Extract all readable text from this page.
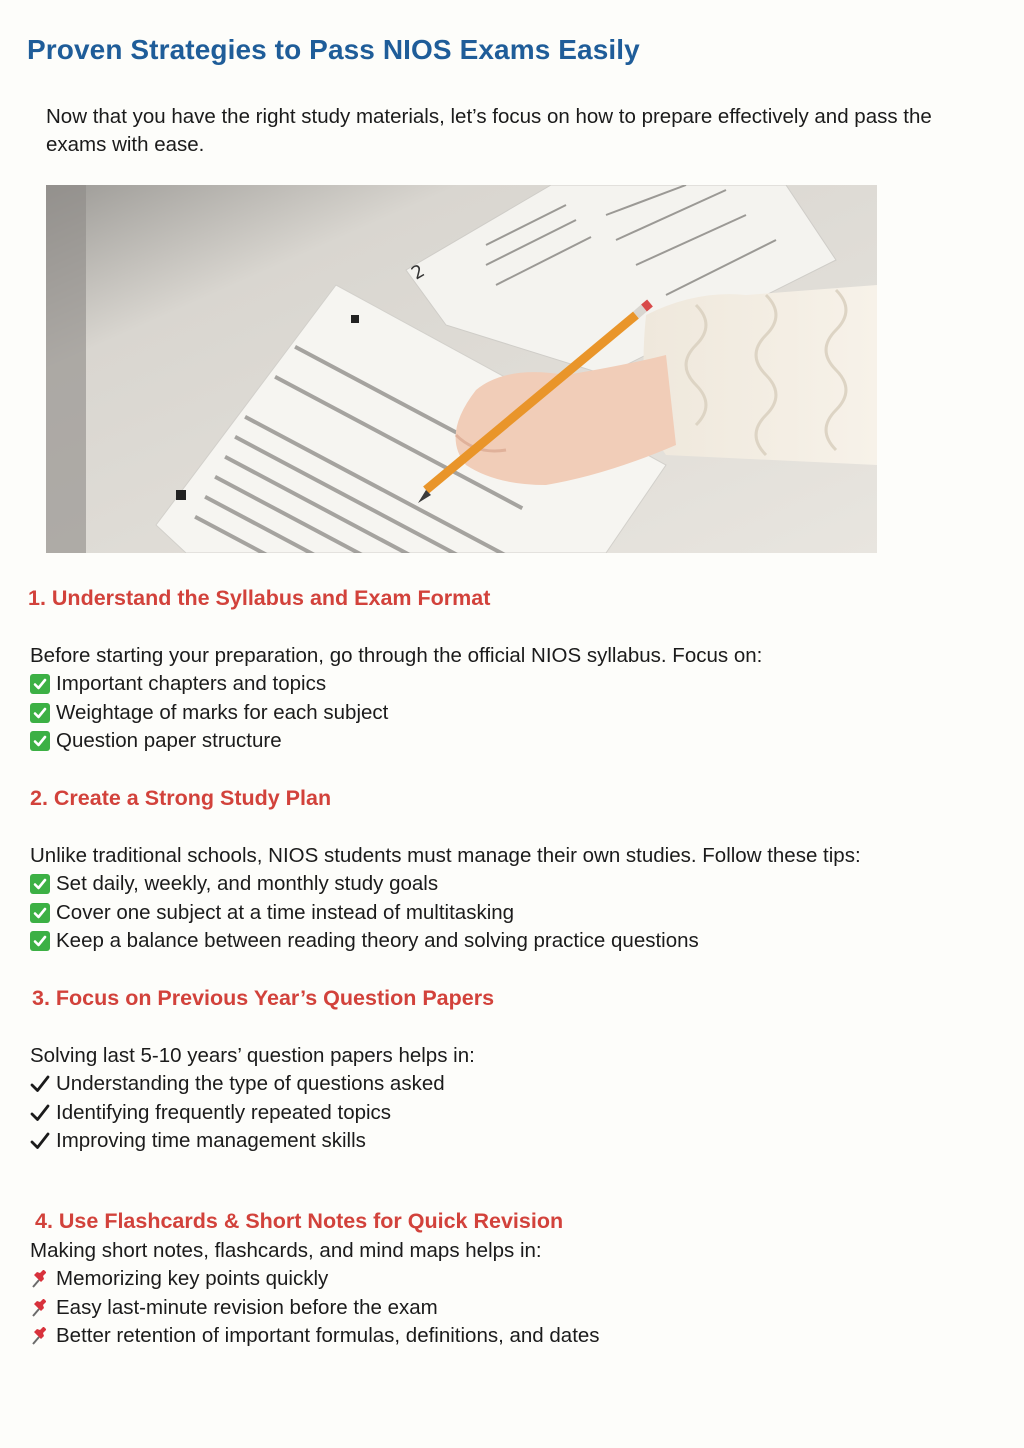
Proven Strategies to Pass NIOS Exams Easily
Now that you have the right study materials, let’s focus on how to prepare effectively and pass the exams with ease.
2
1. Understand the Syllabus and Exam Format
Before starting your preparation, go through the official NIOS syllabus. Focus on:
Important chapters and topics
Weightage of marks for each subject
Question paper structure
2. Create a Strong Study Plan
Unlike traditional schools, NIOS students must manage their own studies. Follow these tips:
Set daily, weekly, and monthly study goals
Cover one subject at a time instead of multitasking
Keep a balance between reading theory and solving practice questions
3. Focus on Previous Year’s Question Papers
Solving last 5-10 years’ question papers helps in:
Understanding the type of questions asked
Identifying frequently repeated topics
Improving time management skills
4. Use Flashcards & Short Notes for Quick Revision
Making short notes, flashcards, and mind maps helps in:
Memorizing key points quickly
Easy last-minute revision before the exam
Better retention of important formulas, definitions, and dates
